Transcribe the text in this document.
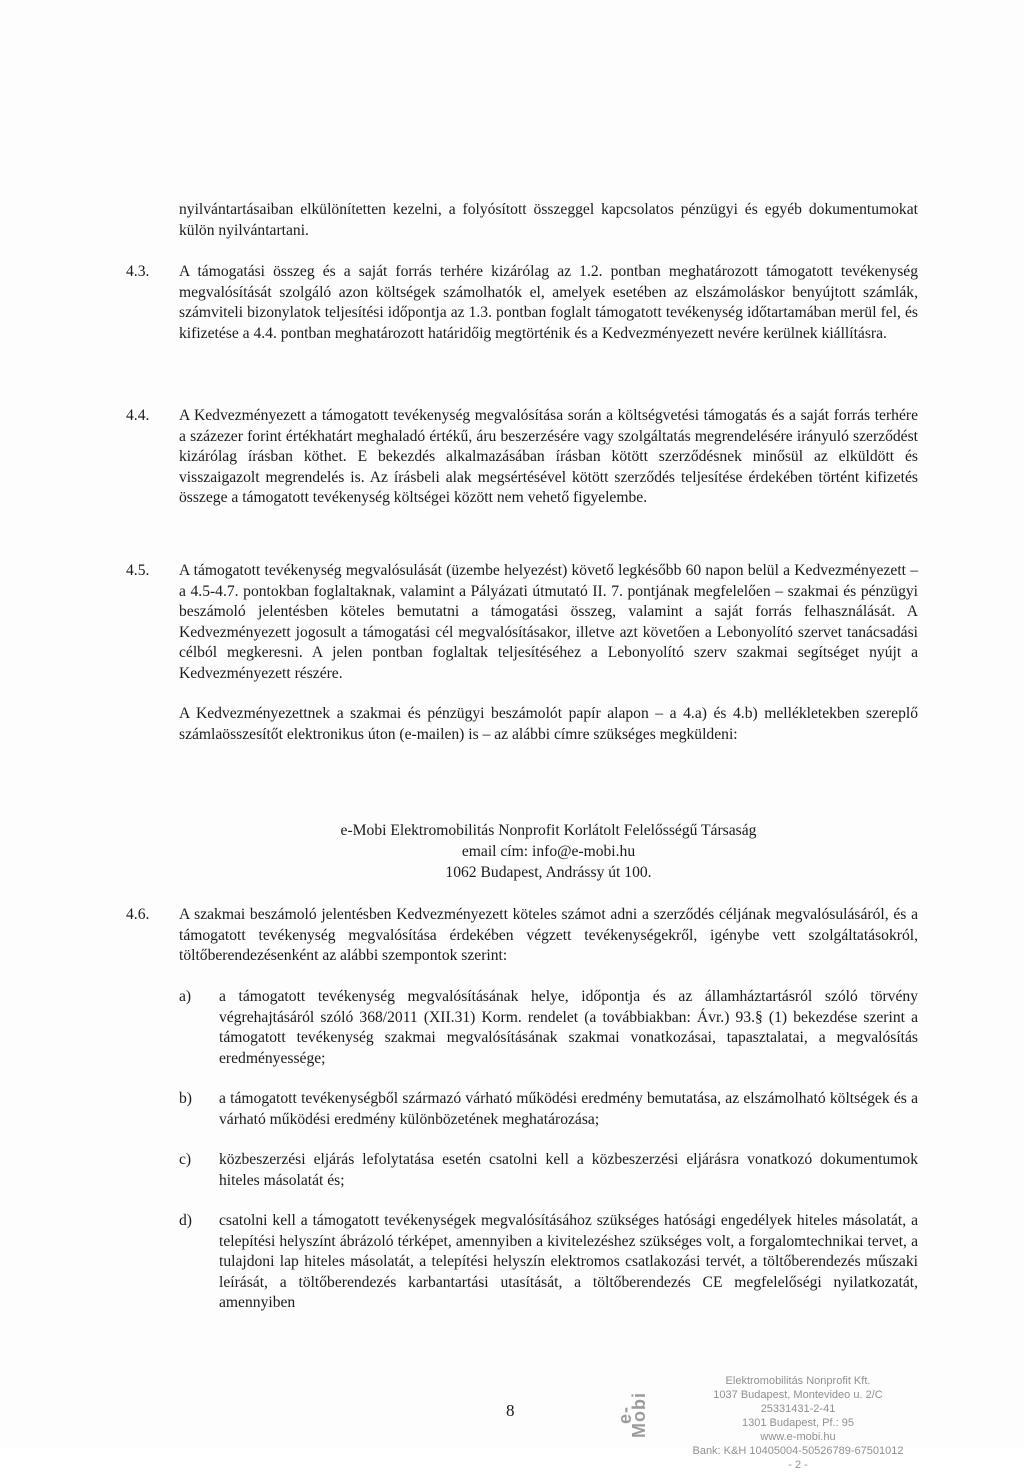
nyilvántartásaiban elkülönítetten kezelni, a folyósított összeggel kapcsolatos pénzügyi és egyéb dokumentumokat külön nyilvántartani.
4.3. A támogatási összeg és a saját forrás terhére kizárólag az 1.2. pontban meghatározott támogatott tevékenység megvalósítását szolgáló azon költségek számolhatók el, amelyek esetében az elszámoláskor benyújtott számlák, számviteli bizonylatok teljesítési időpontja az 1.3. pontban foglalt támogatott tevékenység időtartamában merül fel, és kifizetése a 4.4. pontban meghatározott határidőig megtörténik és a Kedvezményezett nevére kerülnek kiállításra.

4.4. A Kedvezményezett a támogatott tevékenység megvalósítása során a költségvetési támogatás és a saját forrás terhére a százezer forint értékhatárt meghaladó értékű, áru beszerzésére vagy szolgáltatás megrendelésére irányuló szerződést kizárólag írásban köthet. E bekezdés alkalmazásában írásban kötött szerződésnek minősül az elküldött és visszaigazolt megrendelés is. Az írásbeli alak megsértésével kötött szerződés teljesítése érdekében történt kifizetés összege a támogatott tevékenység költségei között nem vehető figyelembe.

4.5. A támogatott tevékenység megvalósulását (üzembe helyezést) követő legkésőbb 60 napon belül a Kedvezményezett – a 4.5-4.7. pontokban foglaltaknak, valamint a Pályázati útmutató II. 7. pontjának megfelelően – szakmai és pénzügyi beszámoló jelentésben köteles bemutatni a támogatási összeg, valamint a saját forrás felhasználását. A Kedvezményezett jogosult a támogatási cél megvalósításakor, illetve azt követően a Lebonyolító szervet tanácsadási célból megkeresni. A jelen pontban foglaltak teljesítéséhez a Lebonyolító szerv szakmai segítséget nyújt a Kedvezményezett részére.

A Kedvezményezettnek a szakmai és pénzügyi beszámolót papír alapon – a 4.a) és 4.b) mellékletekben szereplő számlaösszesítőt elektronikus úton (e-mailen) is – az alábbi címre szükséges megküldeni:

e-Mobi Elektromobilitás Nonprofit Korlátolt Felelősségű Társaság
email cím: info@e-mobi.hu
1062 Budapest, Andrássy út 100.
4.6. A szakmai beszámoló jelentésben Kedvezményezett köteles számot adni a szerződés céljának megvalósulásáról, és a támogatott tevékenység megvalósítása érdekében végzett tevékenységekről, igénybe vett szolgáltatásokról, töltőberendezésenként az alábbi szempontok szerint:

a) a támogatott tevékenység megvalósításának helye, időpontja és az államháztartásról szóló törvény végrehajtásáról szóló 368/2011 (XII.31) Korm. rendelet (a továbbiakban: Ávr.) 93.§ (1) bekezdése szerint a támogatott tevékenység szakmai megvalósításának szakmai vonatkozásai, tapasztalatai, a megvalósítás eredményessége;
b) a támogatott tevékenységből származó várható működési eredmény bemutatása, az elszámolható költségek és a várható működési eredmény különbözetének meghatározása;
c) közbeszerzési eljárás lefolytatása esetén csatolni kell a közbeszerzési eljárásra vonatkozó dokumentumok hiteles másolatát és;
d) csatolni kell a támogatott tevékenységek megvalósításához szükséges hatósági engedélyek hiteles másolatát, a telepítési helyszínt ábrázoló térképet, amennyiben a kivitelezéshez szükséges volt, a forgalomtechnikai tervet, a tulajdoni lap hiteles másolatát, a telepítési helyszín elektromos csatlakozási tervét, a töltőberendezés műszaki leírását, a töltőberendezés karbantartási utasítását, a töltőberendezés CE megfelelőségi nyilatkozatát, amennyiben
8	e-Mobi
Elektromobilitás Nonprofit Kft.
1037 Budapest, Montevideo u. 2/C
25331431-2-41
1301 Budapest, Pf.: 95
www.e-mobi.hu
Bank: K&H 10405004-50526789-67501012
- 2 -
